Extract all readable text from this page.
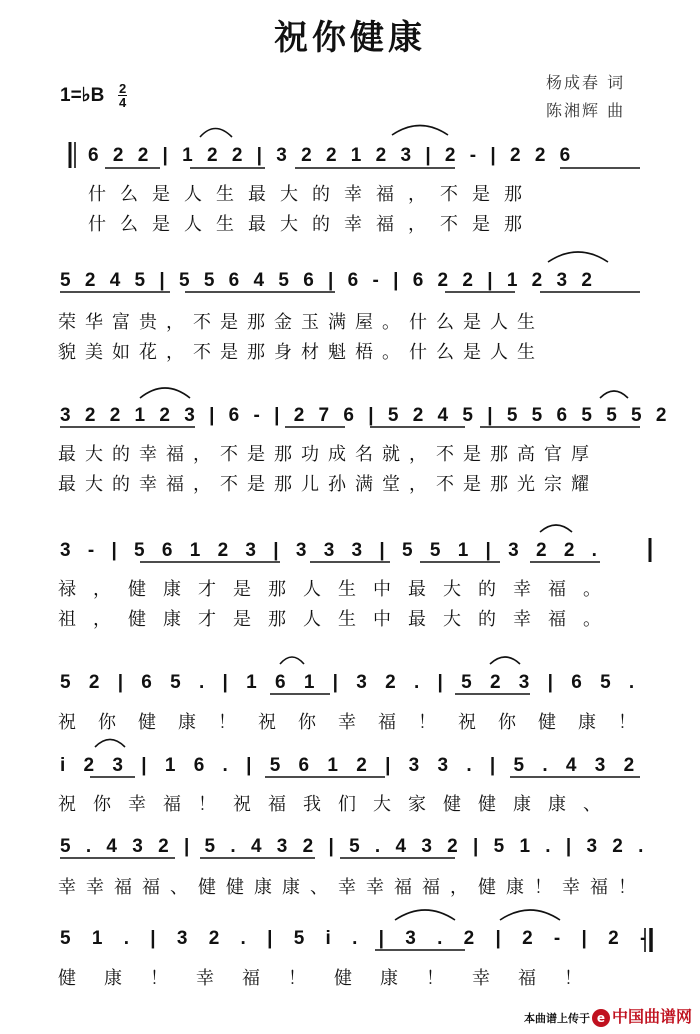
祝你健康
杨成春 词
陈湘辉 曲
1=♭B 2
4
6 2 2 | 1 2 2 | 3 2 2 1 2 3 | 2 - | 2 2 6
什么是人生最大的幸福，不是那
什么是人生最大的幸福，不是那
5 2 4 5 | 5 5 6 4 5 6 | 6 - | 6 2 2 | 1 2 3 2
荣华富贵，不是那金玉满屋。什么是人生
貌美如花，不是那身材魁梧。什么是人生
3 2 2 1 2 3 | 6 - | 2 7 6 | 5 2 4 5 | 5 5 6 5 5 5 2
最大的幸福，不是那功成名就，不是那高官厚
最大的幸福，不是那儿孙满堂，不是那光宗耀
3 - | 5 6 1 2 3 | 3 3 3 | 5 5 1 | 3 2 2 .
禄，健康才是那人生中最大的幸福。
祖，健康才是那人生中最大的幸福。
5 2 | 6 5 . | 1 6 1 | 3 2 . | 5 2 3 | 6 5 .
祝你健康！祝你幸福！祝你健康！
i 2 3 | 1 6 . | 5 6 1 2 | 3 3 . | 5 . 4 3 2
祝你幸福！祝福我们大家健健康康、
5 . 4 3 2 | 5 . 4 3 2 | 5 . 4 3 2 | 5 1 . | 3 2 .
幸幸福福、健健康康、幸幸福福，健康！幸福！
5 1 . | 3 2 . | 5 i . | 3 . 2 | 2 - | 2 -
健康！幸福！健康！幸福！
本曲谱上传于 e 中国曲谱网
